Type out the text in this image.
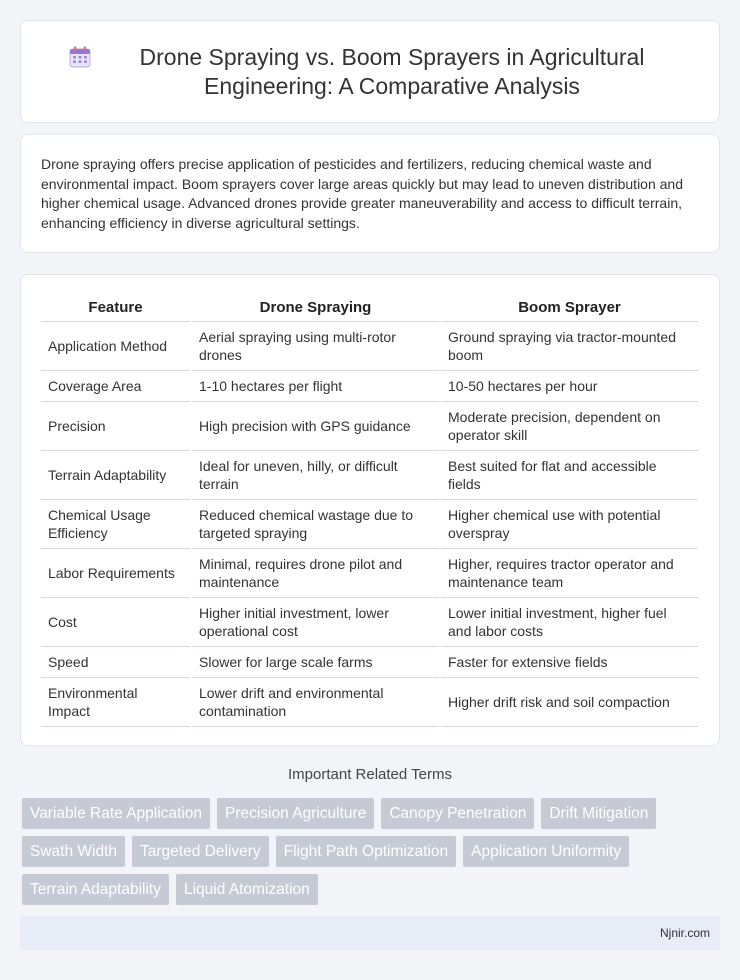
Drone Spraying vs. Boom Sprayers in Agricultural Engineering: A Comparative Analysis

Drone spraying offers precise application of pesticides and fertilizers, reducing chemical waste and environmental impact. Boom sprayers cover large areas quickly but may lead to uneven distribution and higher chemical usage. Advanced drones provide greater maneuverability and access to difficult terrain, enhancing efficiency in diverse agricultural settings.

Feature	Drone Spraying	Boom Sprayer
Application Method	Aerial spraying using multi-rotor drones	Ground spraying via tractor-mounted boom
Coverage Area	1-10 hectares per flight	10-50 hectares per hour
Precision	High precision with GPS guidance	Moderate precision, dependent on operator skill
Terrain Adaptability	Ideal for uneven, hilly, or difficult terrain	Best suited for flat and accessible fields
Chemical Usage Efficiency	Reduced chemical wastage due to targeted spraying	Higher chemical use with potential overspray
Labor Requirements	Minimal, requires drone pilot and maintenance	Higher, requires tractor operator and maintenance team
Cost	Higher initial investment, lower operational cost	Lower initial investment, higher fuel and labor costs
Speed	Slower for large scale farms	Faster for extensive fields
Environmental Impact	Lower drift and environmental contamination	Higher drift risk and soil compaction
Important Related Terms
Variable Rate Application	Precision Agriculture	Canopy Penetration	Drift Mitigation
Swath Width	Targeted Delivery	Flight Path Optimization	Application Uniformity
Terrain Adaptability	Liquid Atomization
Njnir.com
